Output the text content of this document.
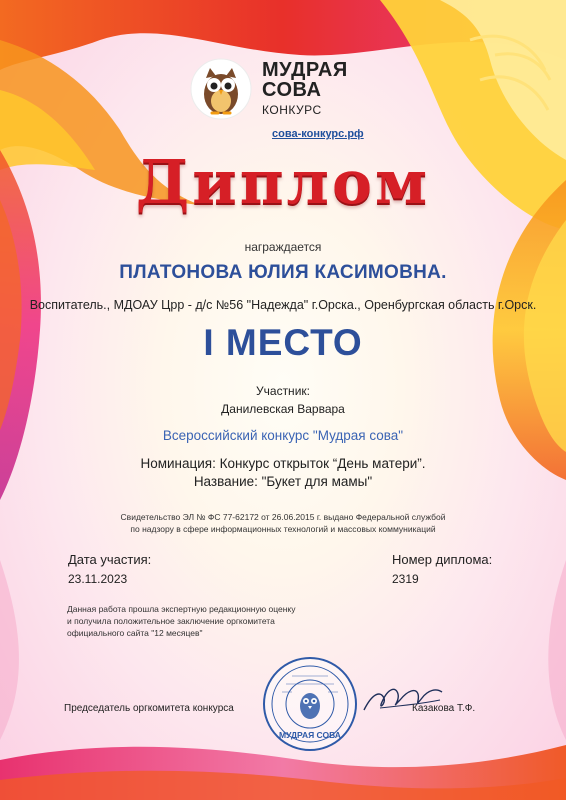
МУДРАЯ
СОВА
КОНКУРС
сова-конкурс.рф
Диплом
награждается
ПЛАТОНОВА ЮЛИЯ КАСИМОВНА.
Воспитатель., МДОАУ Црр - д/с №56 "Надежда" г.Орска., Оренбургская область г.Орск.
I МЕСТО
Участник:
Данилевская Варвара
Всероссийский конкурс "Мудрая сова"
Номинация: Конкурс открыток “День матери”.
Название: "Букет для мамы"
Свидетельство ЭЛ № ФС 77-62172 от 26.06.2015 г. выдано Федеральной службой
по надзору в сфере информационных технологий и массовых коммуникаций
Дата участия:
23.11.2023
Номер диплома:
2319
Данная работа прошла экспертную редакционную оценку
и получила положительное заключение оргкомитета
официального сайта "12 месяцев"
Председатель оргкомитета конкурса
МУДРАЯ СОВА
Казакова Т.Ф.
